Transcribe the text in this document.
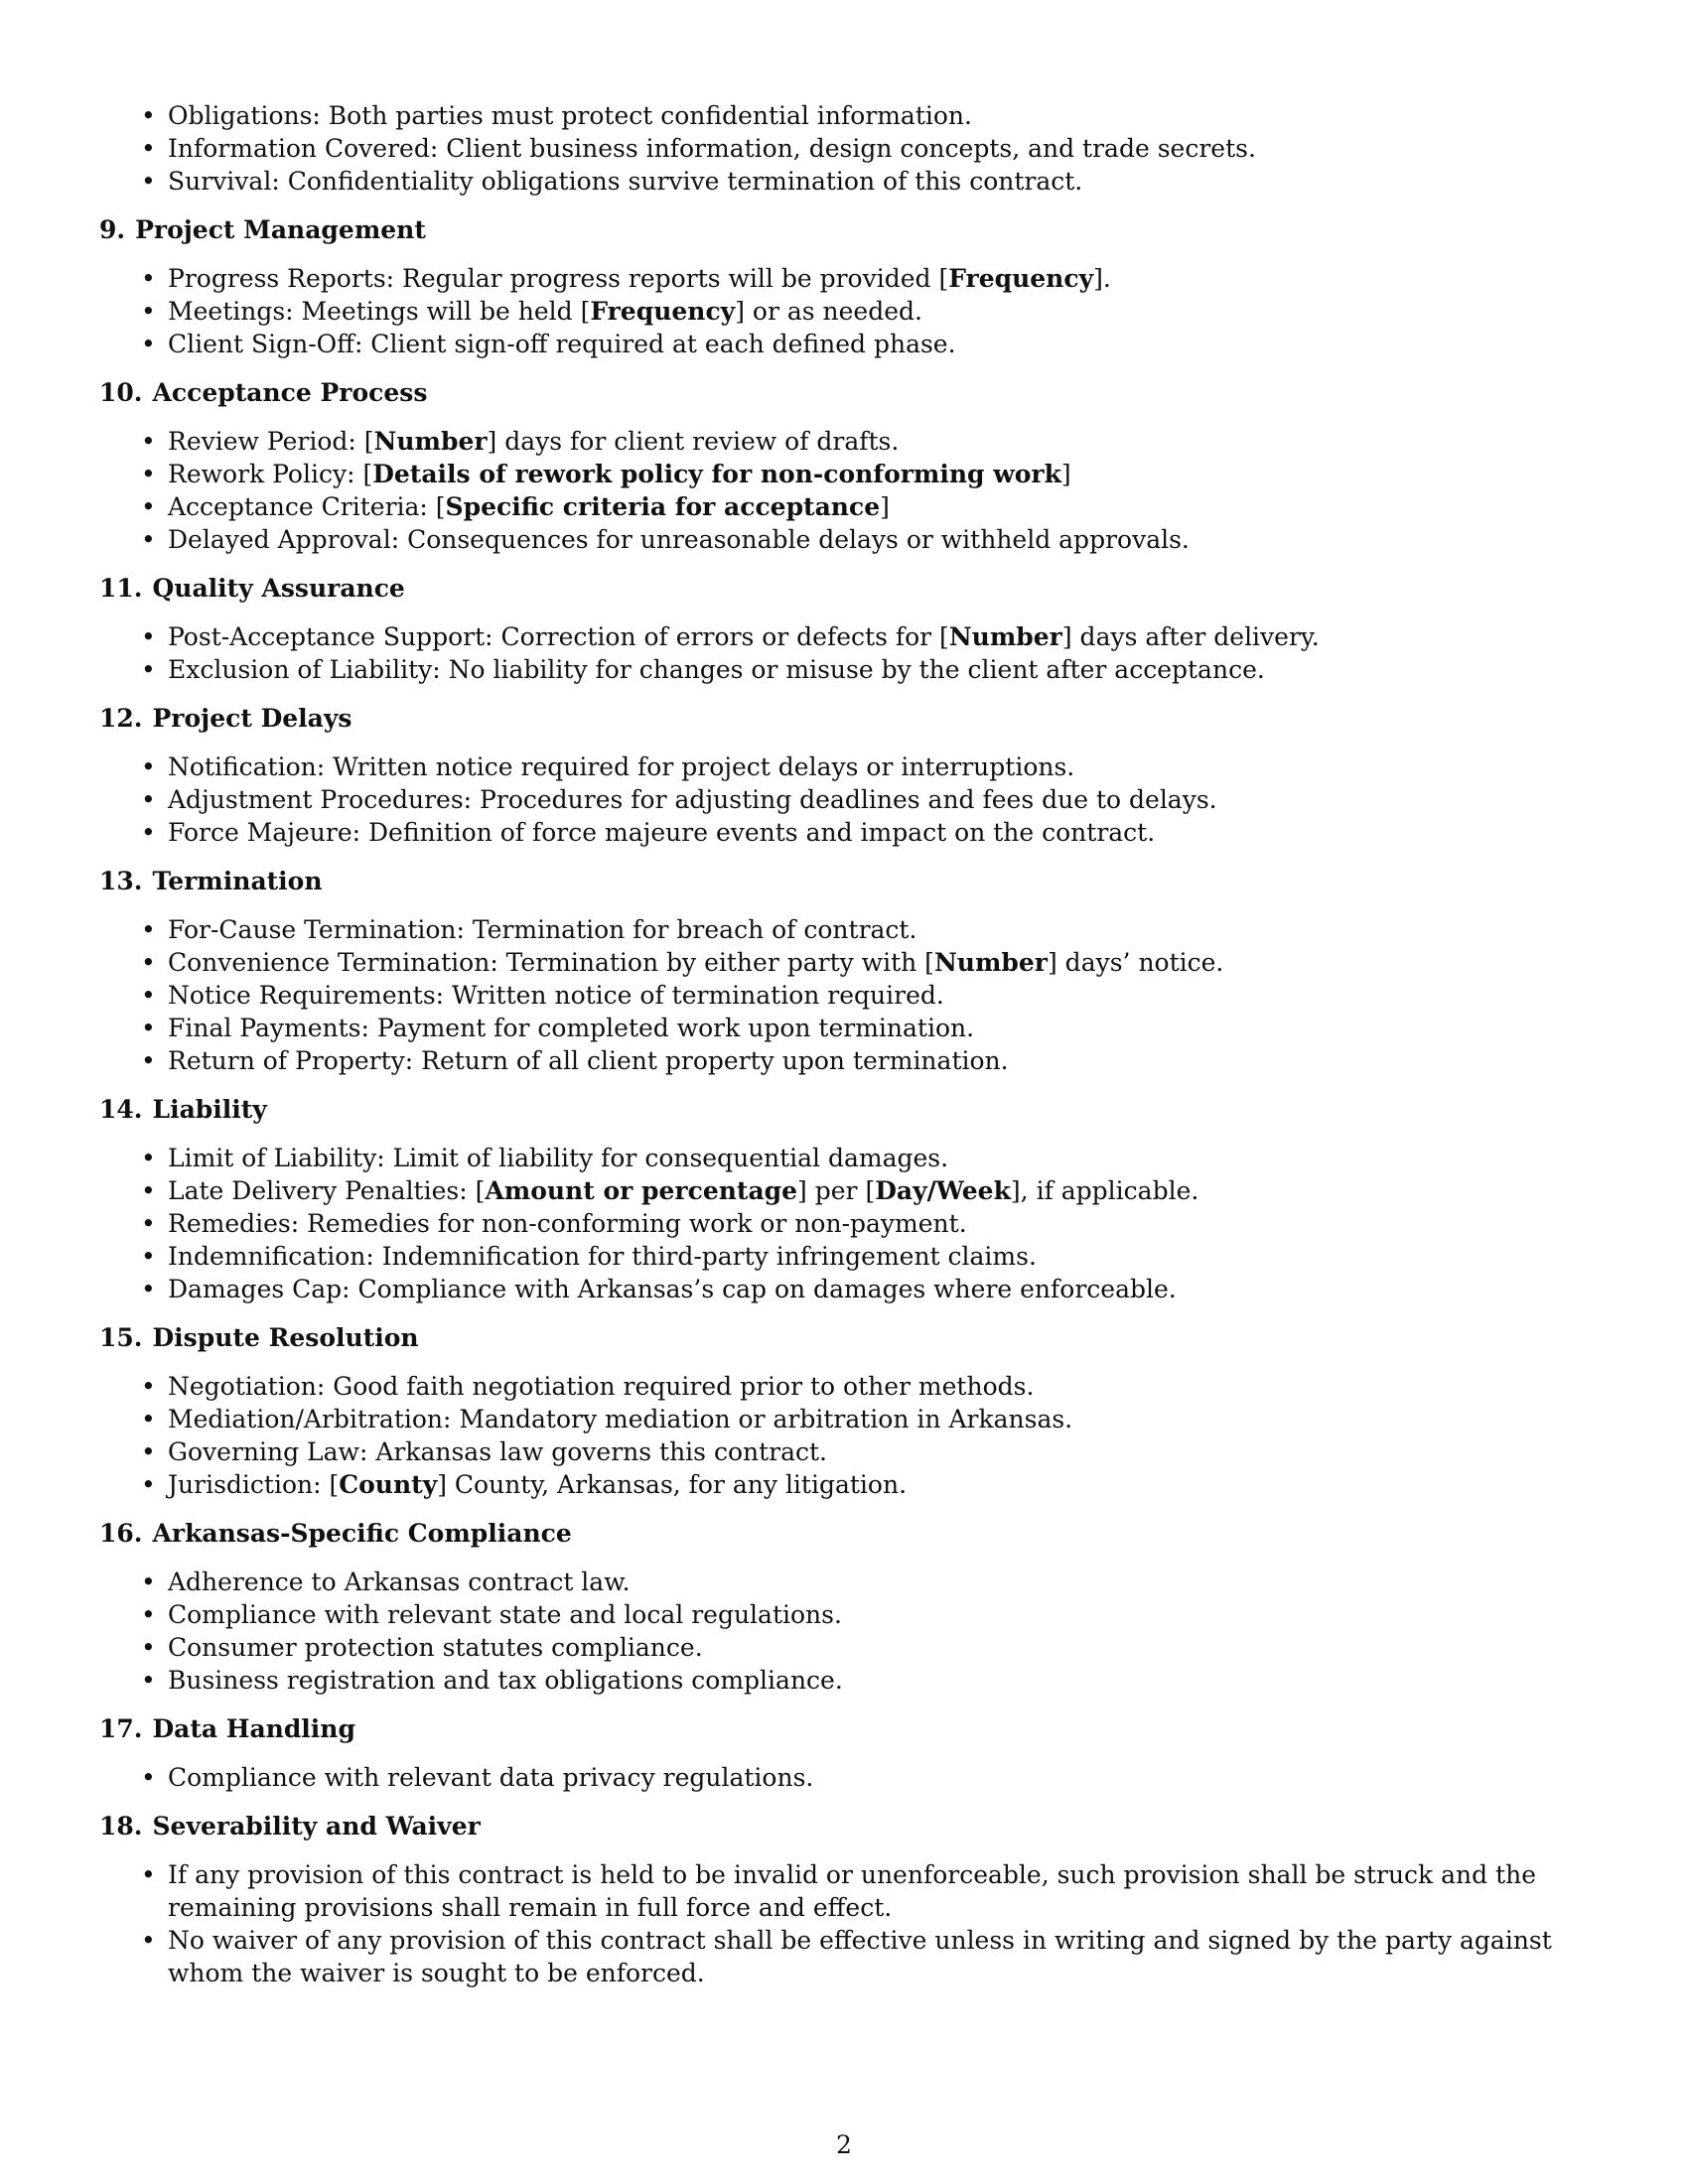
• Obligations: Both parties must protect confidential information.
• Information Covered: Client business information, design concepts, and trade secrets.
• Survival: Confidentiality obligations survive termination of this contract.
9. Project Management
• Progress Reports: Regular progress reports will be provided [Frequency].
• Meetings: Meetings will be held [Frequency] or as needed.
• Client Sign-Off: Client sign-off required at each defined phase.
10. Acceptance Process
• Review Period: [Number] days for client review of drafts.
• Rework Policy: [Details of rework policy for non-conforming work]
• Acceptance Criteria: [Specific criteria for acceptance]
• Delayed Approval: Consequences for unreasonable delays or withheld approvals.
11. Quality Assurance
• Post-Acceptance Support: Correction of errors or defects for [Number] days after delivery.
• Exclusion of Liability: No liability for changes or misuse by the client after acceptance.
12. Project Delays
• Notification: Written notice required for project delays or interruptions.
• Adjustment Procedures: Procedures for adjusting deadlines and fees due to delays.
• Force Majeure: Definition of force majeure events and impact on the contract.
13. Termination
• For-Cause Termination: Termination for breach of contract.
• Convenience Termination: Termination by either party with [Number] days’ notice.
• Notice Requirements: Written notice of termination required.
• Final Payments: Payment for completed work upon termination.
• Return of Property: Return of all client property upon termination.
14. Liability
• Limit of Liability: Limit of liability for consequential damages.
• Late Delivery Penalties: [Amount or percentage] per [Day/Week], if applicable.
• Remedies: Remedies for non-conforming work or non-payment.
• Indemnification: Indemnification for third-party infringement claims.
• Damages Cap: Compliance with Arkansas’s cap on damages where enforceable.
15. Dispute Resolution
• Negotiation: Good faith negotiation required prior to other methods.
• Mediation/Arbitration: Mandatory mediation or arbitration in Arkansas.
• Governing Law: Arkansas law governs this contract.
• Jurisdiction: [County] County, Arkansas, for any litigation.
16. Arkansas-Specific Compliance
• Adherence to Arkansas contract law.
• Compliance with relevant state and local regulations.
• Consumer protection statutes compliance.
• Business registration and tax obligations compliance.
17. Data Handling
• Compliance with relevant data privacy regulations.
18. Severability and Waiver
• If any provision of this contract is held to be invalid or unenforceable, such provision shall be struck and the remaining provisions shall remain in full force and effect.
• No waiver of any provision of this contract shall be effective unless in writing and signed by the party against whom the waiver is sought to be enforced.
2
